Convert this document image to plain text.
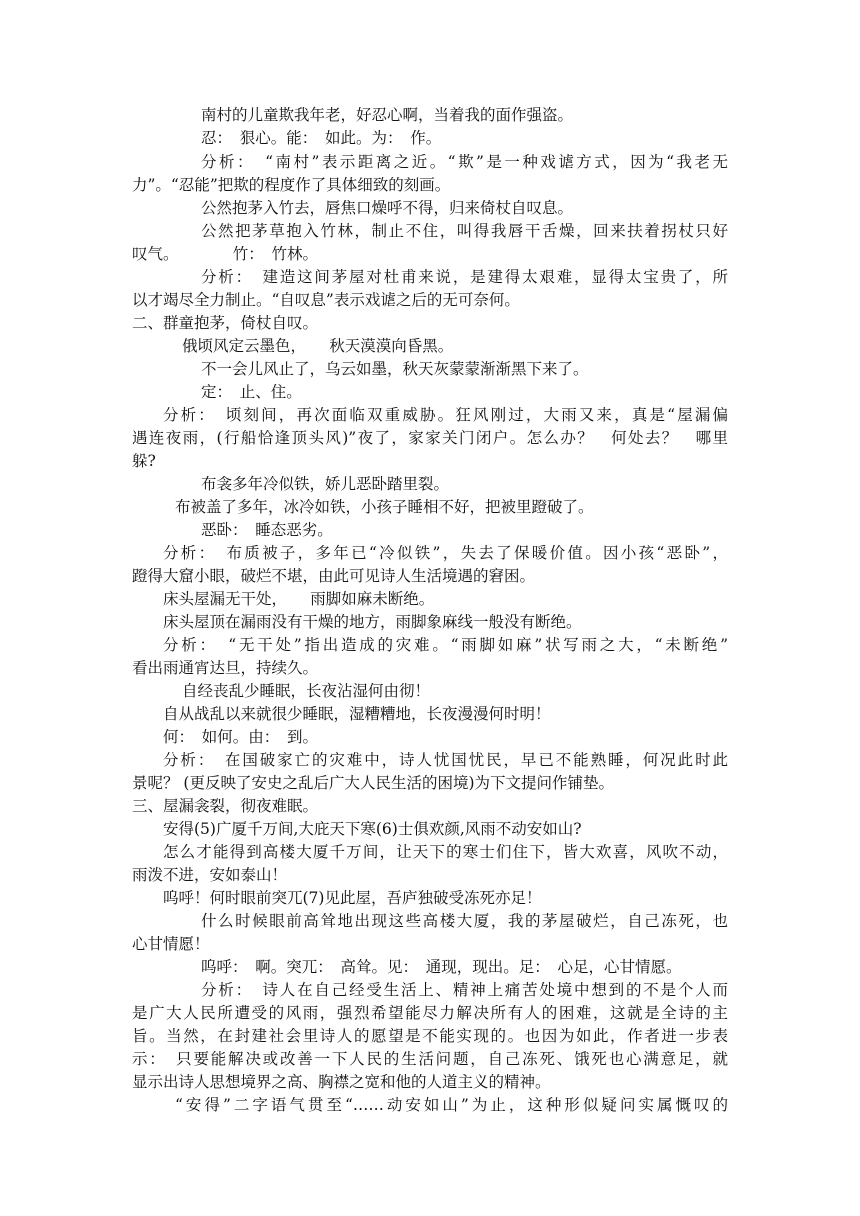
南村的儿童欺我年老，好忍心啊，当着我的面作强盗。
忍：　狠心。能：　如此。为：　作。
分析：　“南村”表示距离之近。“欺”是一种戏谑方式，因为“我老无
力”。“忍能”把欺的程度作了具体细致的刻画。
公然抱茅入竹去，唇焦口燥呼不得，归来倚杖自叹息。
公然把茅草抱入竹林，制止不住，叫得我唇干舌燥，回来扶着拐杖只好
叹气。　　　　竹：　竹林。
分析：　建造这间茅屋对杜甫来说，是建得太艰难，显得太宝贵了，所
以才竭尽全力制止。“自叹息”表示戏谑之后的无可奈何。
二、群童抱茅，倚杖自叹。
俄顷风定云墨色，　　秋天漠漠向昏黑。
不一会儿风止了，乌云如墨，秋天灰蒙蒙渐渐黑下来了。
定：　止、住。
分析：　顷刻间，再次面临双重威胁。狂风刚过，大雨又来，真是“屋漏偏
遇连夜雨，(行船恰逢顶头风)”夜了，家家关门闭户。怎么办？　何处去？　哪里
躲?
布衾多年冷似铁，娇儿恶卧踏里裂。
布被盖了多年，冰冷如铁，小孩子睡相不好，把被里蹬破了。
恶卧：　睡态恶劣。
分析：　布质被子，多年已“冷似铁”，失去了保暖价值。因小孩“恶卧”，
蹬得大窟小眼，破烂不堪，由此可见诗人生活境遇的窘困。
床头屋漏无干处，　　雨脚如麻未断绝。
床头屋顶在漏雨没有干燥的地方，雨脚象麻线一般没有断绝。
分析：　“无干处”指出造成的灾难。“雨脚如麻”状写雨之大，“未断绝”
看出雨通宵达旦，持续久。
自经丧乱少睡眠，长夜沾湿何由彻！
自从战乱以来就很少睡眠，湿糟糟地，长夜漫漫何时明！
何：　如何。由：　到。
分析：　在国破家亡的灾难中，诗人忧国忧民，早已不能熟睡，何况此时此
景呢？ (更反映了安史之乱后广大人民生活的困境)为下文提问作铺垫。
三、屋漏衾裂，彻夜难眠。
安得(5)广厦千万间,大庇天下寒(6)士俱欢颜,风雨不动安如山?
怎么才能得到高楼大厦千万间，让天下的寒士们住下，皆大欢喜，风吹不动，
雨泼不进，安如泰山！
呜呼！何时眼前突兀(7)见此屋，吾庐独破受冻死亦足！
什么时候眼前高耸地出现这些高楼大厦，我的茅屋破烂，自己冻死，也
心甘情愿！
呜呼：　啊。突兀：　高耸。见：　通现，现出。足：　心足，心甘情愿。
分析：　诗人在自己经受生活上、精神上痛苦处境中想到的不是个人而
是广大人民所遭受的风雨，强烈希望能尽力解决所有人的困难，这就是全诗的主
旨。当然，在封建社会里诗人的愿望是不能实现的。也因为如此，作者进一步表
示：　只要能解决或改善一下人民的生活问题，自己冻死、饿死也心满意足，就
显示出诗人思想境界之高、胸襟之宽和他的人道主义的精神。
“安得”二字语气贯至“……动安如山”为止，这种形似疑问实属慨叹的
